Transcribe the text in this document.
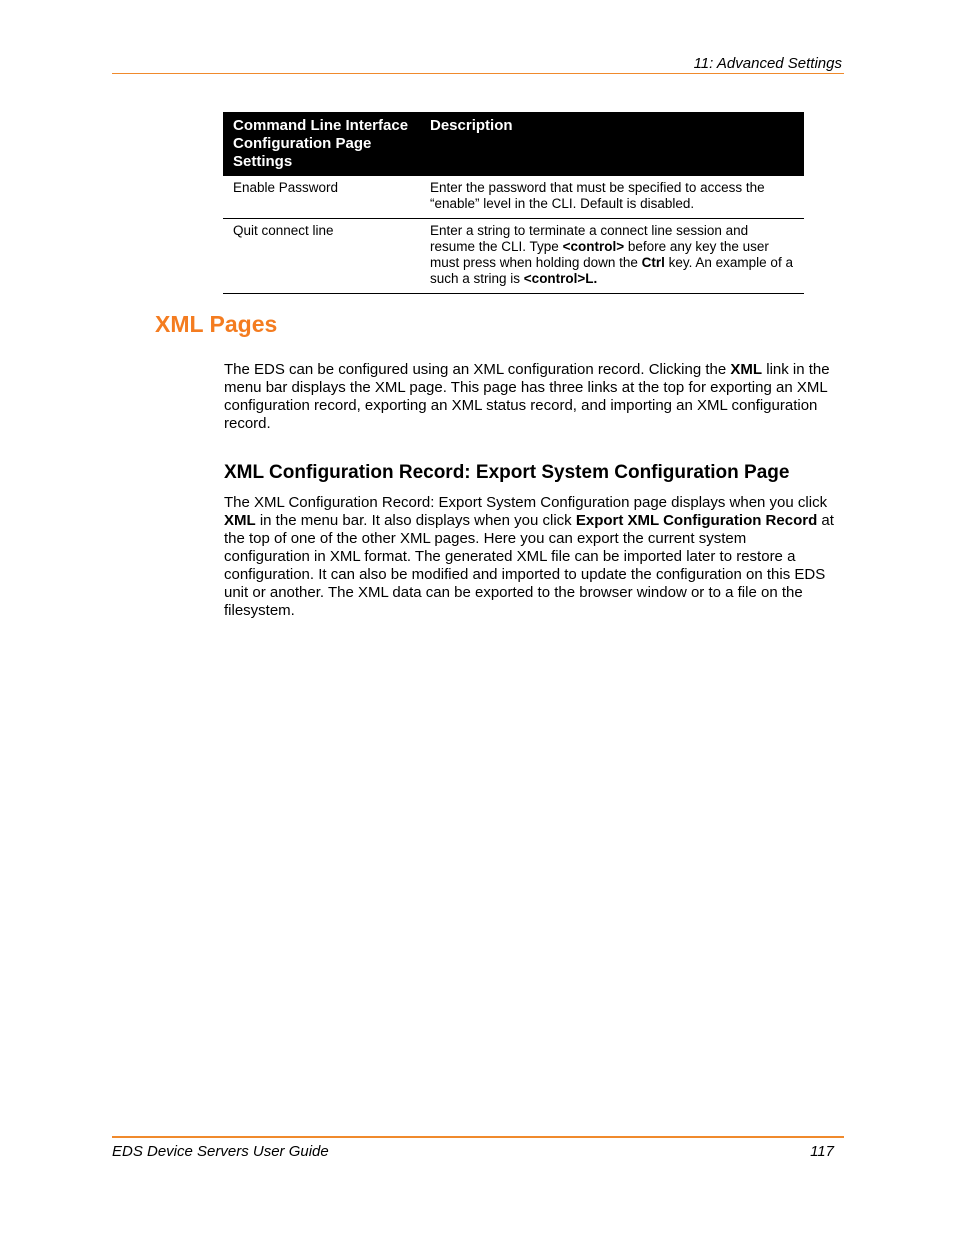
11: Advanced Settings
Command Line Interface Configuration Page Settings	Description
Enable Password	Enter the password that must be specified to access the “enable” level in the CLI. Default is disabled.
Quit connect line	Enter a string to terminate a connect line session and resume the CLI. Type <control> before any key the user must press when holding down the Ctrl key. An example of a such a string is <control>L.
XML Pages

The EDS can be configured using an XML configuration record. Clicking the XML link in the menu bar displays the XML page. This page has three links at the top for exporting an XML configuration record, exporting an XML status record, and importing an XML configuration record.

XML Configuration Record: Export System Configuration Page

The XML Configuration Record: Export System Configuration page displays when you click XML in the menu bar. It also displays when you click Export XML Configuration Record at the top of one of the other XML pages. Here you can export the current system configuration in XML format. The generated XML file can be imported later to restore a configuration. It can also be modified and imported to update the configuration on this EDS unit or another. The XML data can be exported to the browser window or to a file on the filesystem.

EDS Device Servers User Guide	117
